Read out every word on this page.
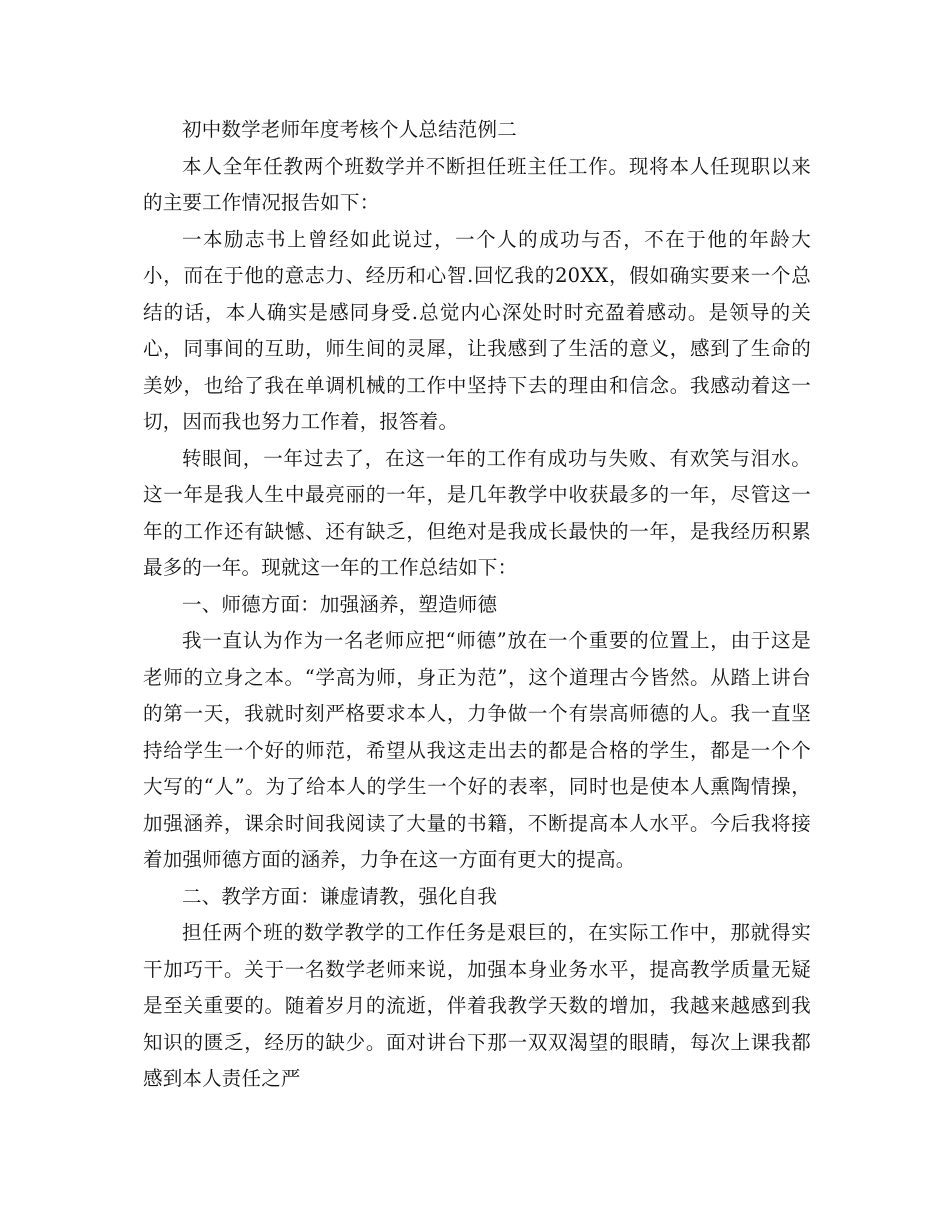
初中数学老师年度考核个人总结范例二

本人全年任教两个班数学并不断担任班主任工作。现将本人任现职以来的主要工作情况报告如下：

一本励志书上曾经如此说过，一个人的成功与否，不在于他的年龄大小，而在于他的意志力、经历和心智.回忆我的20XX，假如确实要来一个总结的话，本人确实是感同身受.总觉内心深处时时充盈着感动。是领导的关心，同事间的互助，师生间的灵犀，让我感到了生活的意义，感到了生命的美妙，也给了我在单调机械的工作中坚持下去的理由和信念。我感动着这一切，因而我也努力工作着，报答着。

转眼间，一年过去了，在这一年的工作有成功与失败、有欢笑与泪水。这一年是我人生中最亮丽的一年，是几年教学中收获最多的一年，尽管这一年的工作还有缺憾、还有缺乏，但绝对是我成长最快的一年，是我经历积累最多的一年。现就这一年的工作总结如下：

一、师德方面：加强涵养，塑造师德

我一直认为作为一名老师应把“师德”放在一个重要的位置上，由于这是老师的立身之本。“学高为师，身正为范”，这个道理古今皆然。从踏上讲台的第一天，我就时刻严格要求本人，力争做一个有崇高师德的人。我一直坚持给学生一个好的师范，希望从我这走出去的都是合格的学生，都是一个个大写的“人”。为了给本人的学生一个好的表率，同时也是使本人熏陶情操，加强涵养，课余时间我阅读了大量的书籍，不断提高本人水平。今后我将接着加强师德方面的涵养，力争在这一方面有更大的提高。

二、教学方面：谦虚请教，强化自我

担任两个班的数学教学的工作任务是艰巨的，在实际工作中，那就得实干加巧干。关于一名数学老师来说，加强本身业务水平，提高教学质量无疑是至关重要的。随着岁月的流逝，伴着我教学天数的增加，我越来越感到我知识的匮乏，经历的缺少。面对讲台下那一双双渴望的眼睛，每次上课我都感到本人责任之严
